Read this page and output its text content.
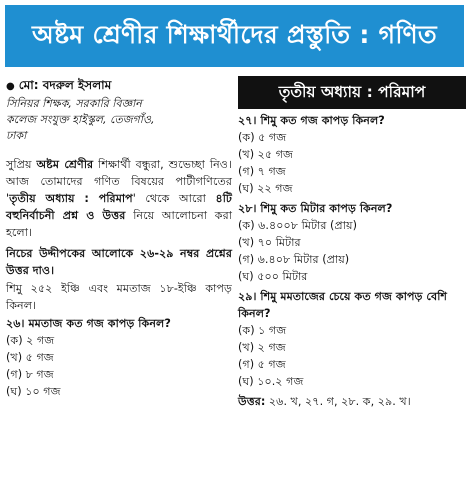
অষ্টম শ্রেণীর শিক্ষার্থীদের প্রস্তুতি : গণিত
● মো: বদরুল ইসলাম
সিনিয়র শিক্ষক, সরকারি বিজ্ঞান
কলেজ সংযুক্ত হাইস্কুল, তেজগাঁও,
ঢাকা

সুপ্রিয় অষ্টম শ্রেণীর শিক্ষার্থী বন্ধুরা, শুভেচ্ছা নিও। আজ তোমাদের গণিত বিষয়ের পাটীগণিতের 'তৃতীয় অধ্যায় : পরিমাপ' থেকে আরো ৪টি বহুনির্বাচনী প্রশ্ন ও উত্তর নিয়ে আলোচনা করা হলো।

নিচের উদ্দীপকের আলোকে ২৬-২৯ নম্বর প্রশ্নের উত্তর দাও।

শিমু ২৫২ ইঞ্চি এবং মমতাজ ১৮-ইঞ্চি কাপড় কিনল।

২৬। মমতাজ কত গজ কাপড় কিনল?

(ক) ২ গজ
(খ) ৫ গজ
(গ) ৮ গজ
(ঘ) ১০ গজ
তৃতীয় অধ্যায় : পরিমাপ

২৭। শিমু কত গজ কাপড় কিনল?

(ক) ৫ গজ
(খ) ২৫ গজ
(গ) ৭ গজ
(ঘ) ২২ গজ

২৮। শিমু কত মিটার কাপড় কিনল?

(ক) ৬.৪০০৮ মিটার (প্রায়)
(খ) ৭০ মিটার
(গ) ৬.৪০৮ মিটার (প্রায়)
(ঘ) ৫০০ মিটার

২৯। শিমু মমতাজের চেয়ে কত গজ কাপড় বেশি কিনল?

(ক) ১ গজ
(খ) ২ গজ
(গ) ৫ গজ
(ঘ) ১০.২ গজ

উত্তর: ২৬. খ, ২৭. গ, ২৮. ক, ২৯. খ।
